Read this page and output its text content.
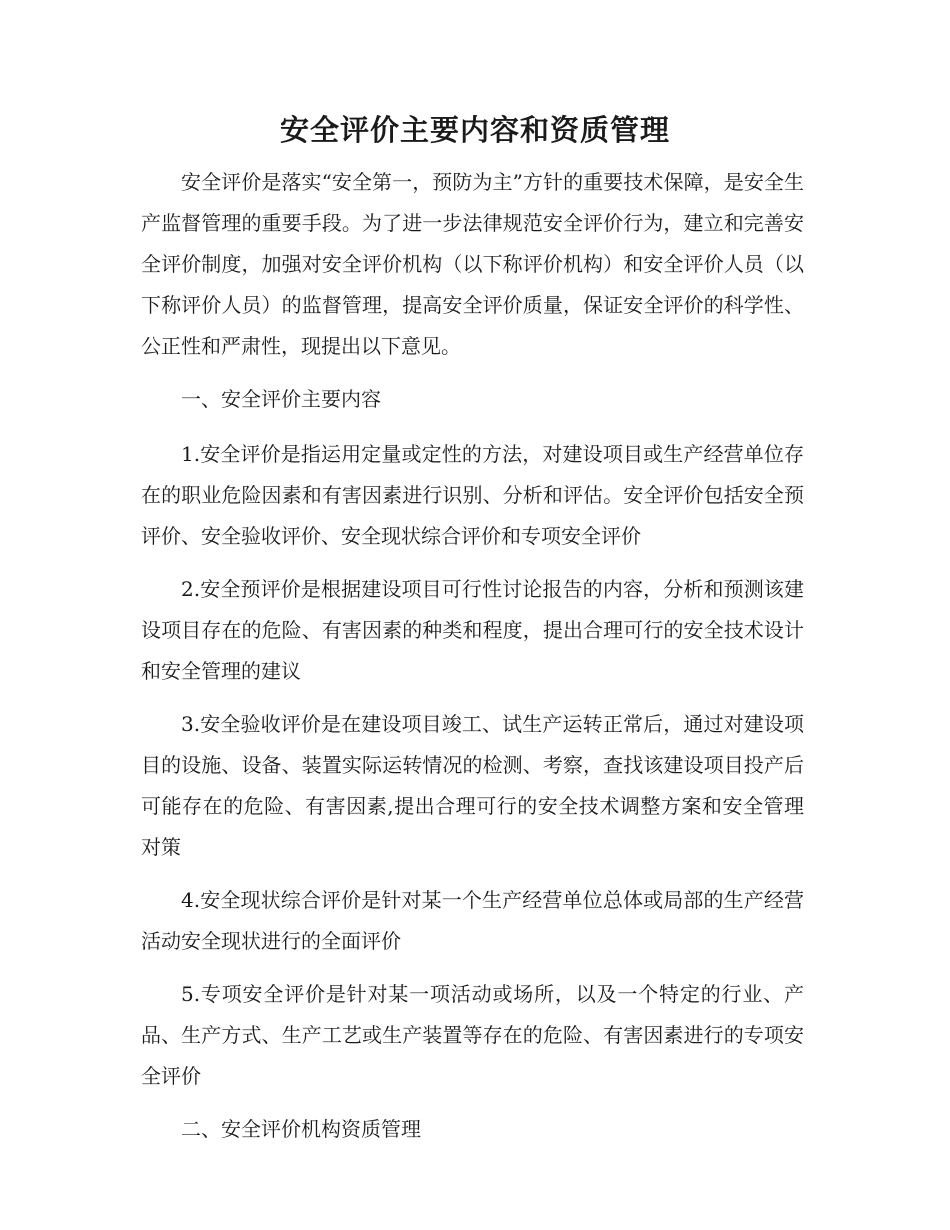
安全评价主要内容和资质管理

安全评价是落实“安全第一，预防为主”方针的重要技术保障，是安全生产监督管理的重要手段。为了进一步法律规范安全评价行为，建立和完善安全评价制度，加强对安全评价机构（以下称评价机构）和安全评价人员（以下称评价人员）的监督管理，提高安全评价质量，保证安全评价的科学性、公正性和严肃性，现提出以下意见。

一、安全评价主要内容

1.安全评价是指运用定量或定性的方法，对建设项目或生产经营单位存在的职业危险因素和有害因素进行识别、分析和评估。安全评价包括安全预评价、安全验收评价、安全现状综合评价和专项安全评价

2.安全预评价是根据建设项目可行性讨论报告的内容，分析和预测该建设项目存在的危险、有害因素的种类和程度，提出合理可行的安全技术设计和安全管理的建议

3.安全验收评价是在建设项目竣工、试生产运转正常后，通过对建设项目的设施、设备、装置实际运转情况的检测、考察，查找该建设项目投产后可能存在的危险、有害因素,提出合理可行的安全技术调整方案和安全管理对策

4.安全现状综合评价是针对某一个生产经营单位总体或局部的生产经营活动安全现状进行的全面评价

5.专项安全评价是针对某一项活动或场所，以及一个特定的行业、产品、生产方式、生产工艺或生产装置等存在的危险、有害因素进行的专项安全评价

二、安全评价机构资质管理
